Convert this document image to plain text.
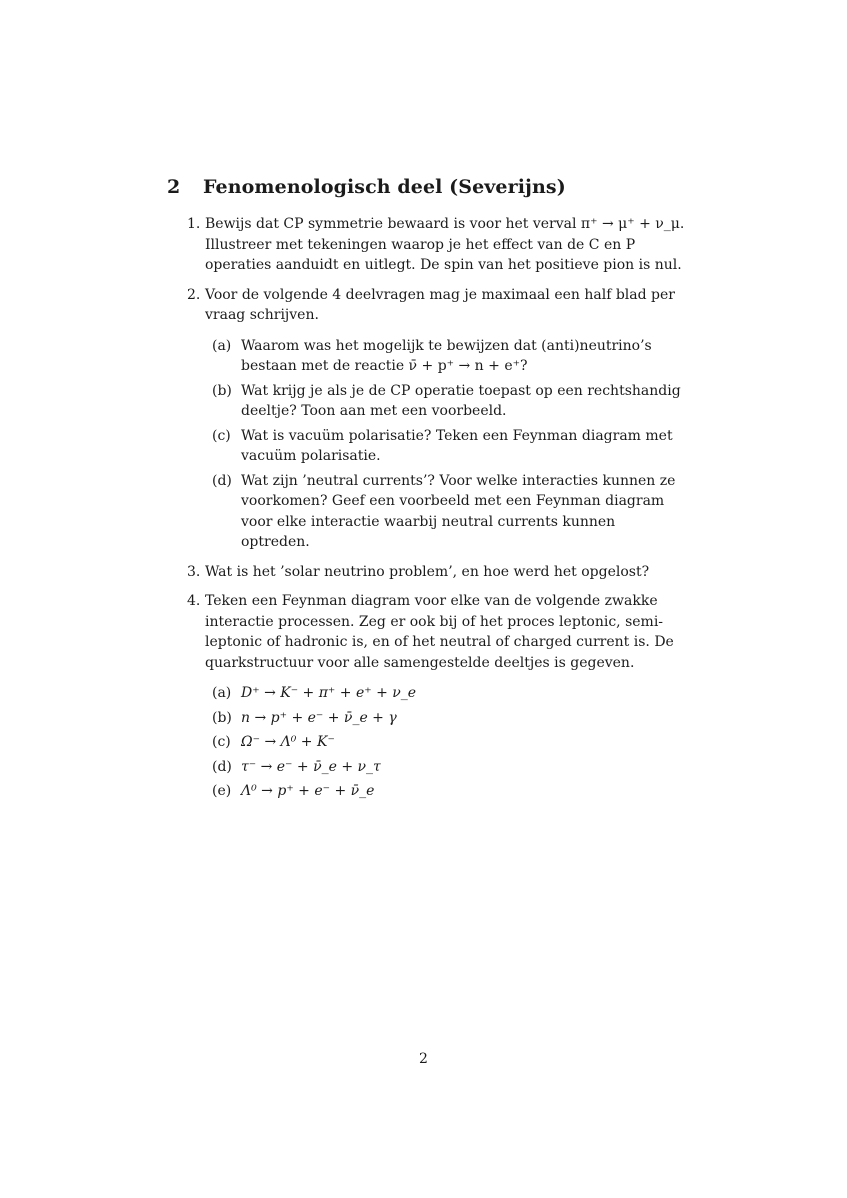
2 Fenomenologisch deel (Severijns)
1. Bewijs dat CP symmetrie bewaard is voor het verval π⁺ → μ⁺ + ν_μ. Illustreer met tekeningen waarop je het effect van de C en P operaties aanduidt en uitlegt. De spin van het positieve pion is nul.
2. Voor de volgende 4 deelvragen mag je maximaal een half blad per vraag schrijven.
(a) Waarom was het mogelijk te bewijzen dat (anti)neutrino’s bestaan met de reactie ν̄ + p⁺ → n + e⁺?
(b) Wat krijg je als je de CP operatie toepast op een rechtshandig deeltje? Toon aan met een voorbeeld.
(c) Wat is vacuüm polarisatie? Teken een Feynman diagram met vacuüm polarisatie.
(d) Wat zijn ’neutral currents’? Voor welke interacties kunnen ze voorkomen? Geef een voorbeeld met een Feynman diagram voor elke interactie waarbij neutral currents kunnen optreden.
3. Wat is het ’solar neutrino problem’, en hoe werd het opgelost?
4. Teken een Feynman diagram voor elke van de volgende zwakke interactie processen. Zeg er ook bij of het proces leptonic, semi-leptonic of hadronic is, en of het neutral of charged current is. De quarkstructuur voor alle samengestelde deeltjes is gegeven.
(a) D⁺ → K⁻ + π⁺ + e⁺ + ν_e
(b) n → p⁺ + e⁻ + ν̄_e + γ
(c) Ω⁻ → Λ⁰ + K⁻
(d) τ⁻ → e⁻ + ν̄_e + ν_τ
(e) Λ⁰ → p⁺ + e⁻ + ν̄_e
2
